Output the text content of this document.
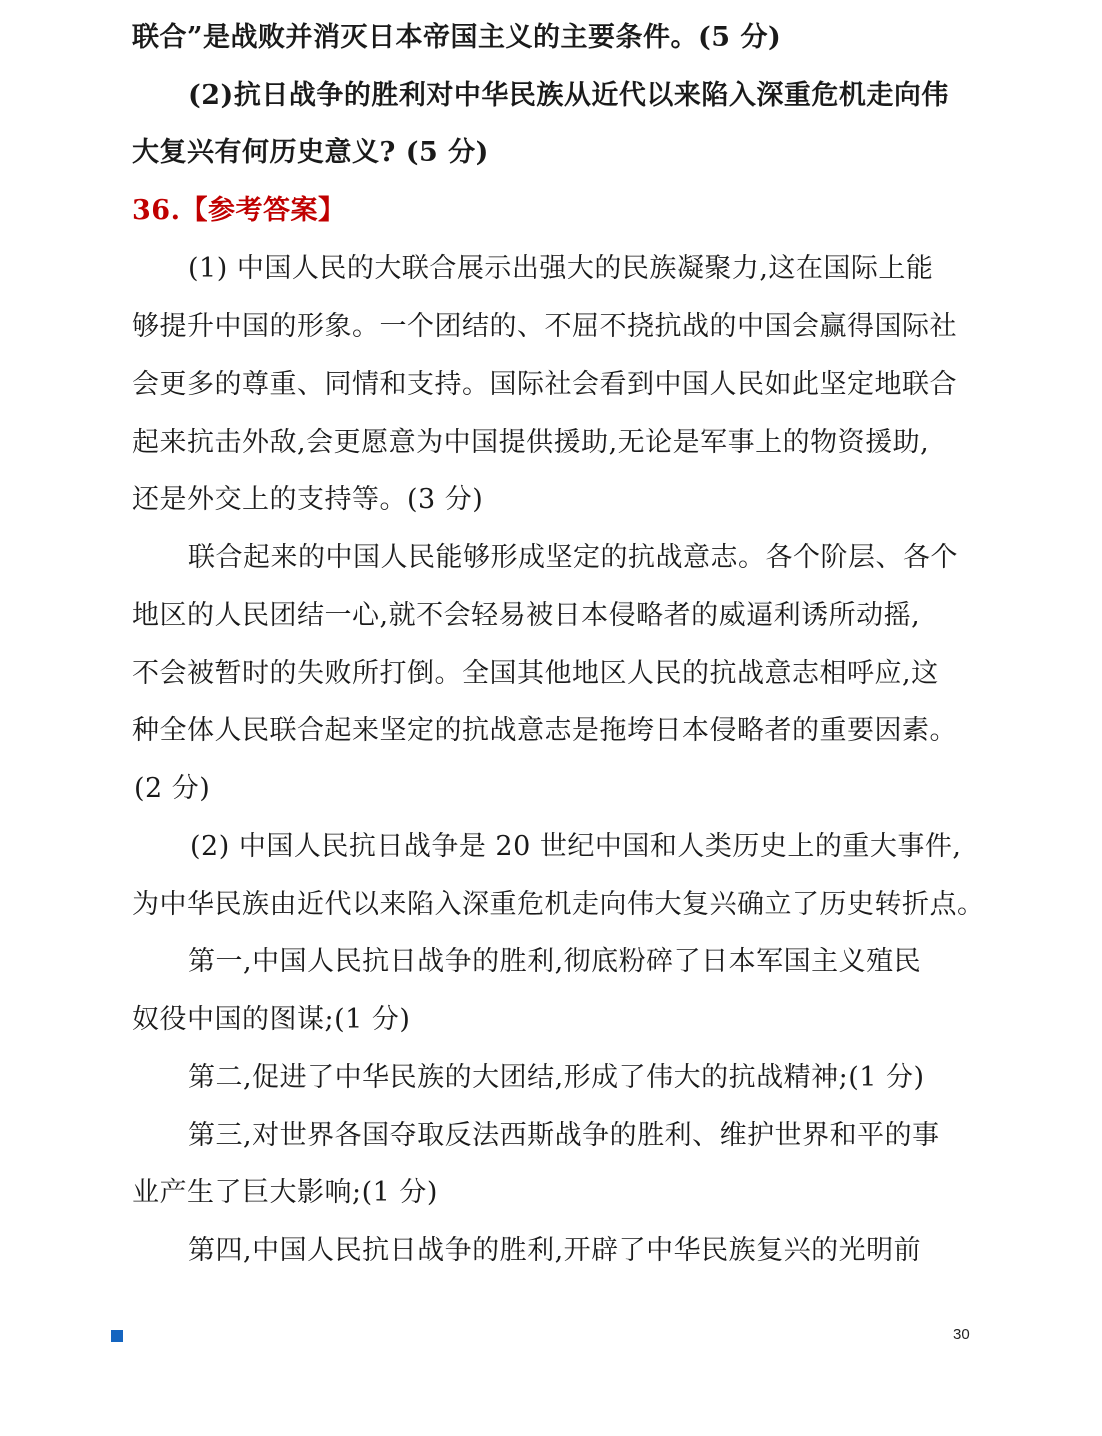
联合”是战败并消灭日本帝国主义的主要条件。(5 分)

(2)抗日战争的胜利对中华民族从近代以来陷入深重危机走向伟

大复兴有何历史意义? (5 分)

36.【参考答案】

(1) 中国人民的大联合展示出强大的民族凝聚力,这在国际上能

够提升中国的形象。一个团结的、不屈不挠抗战的中国会赢得国际社

会更多的尊重、同情和支持。国际社会看到中国人民如此坚定地联合

起来抗击外敌,会更愿意为中国提供援助,无论是军事上的物资援助,

还是外交上的支持等。(3 分)

联合起来的中国人民能够形成坚定的抗战意志。各个阶层、各个

地区的人民团结一心,就不会轻易被日本侵略者的威逼利诱所动摇,

不会被暂时的失败所打倒。全国其他地区人民的抗战意志相呼应,这

种全体人民联合起来坚定的抗战意志是拖垮日本侵略者的重要因素。

(2 分)

(2) 中国人民抗日战争是 20 世纪中国和人类历史上的重大事件,

为中华民族由近代以来陷入深重危机走向伟大复兴确立了历史转折点。

第一,中国人民抗日战争的胜利,彻底粉碎了日本军国主义殖民

奴役中国的图谋;(1 分)

第二,促进了中华民族的大团结,形成了伟大的抗战精神;(1 分)

第三,对世界各国夺取反法西斯战争的胜利、维护世界和平的事

业产生了巨大影响;(1 分)

第四,中国人民抗日战争的胜利,开辟了中华民族复兴的光明前

30
